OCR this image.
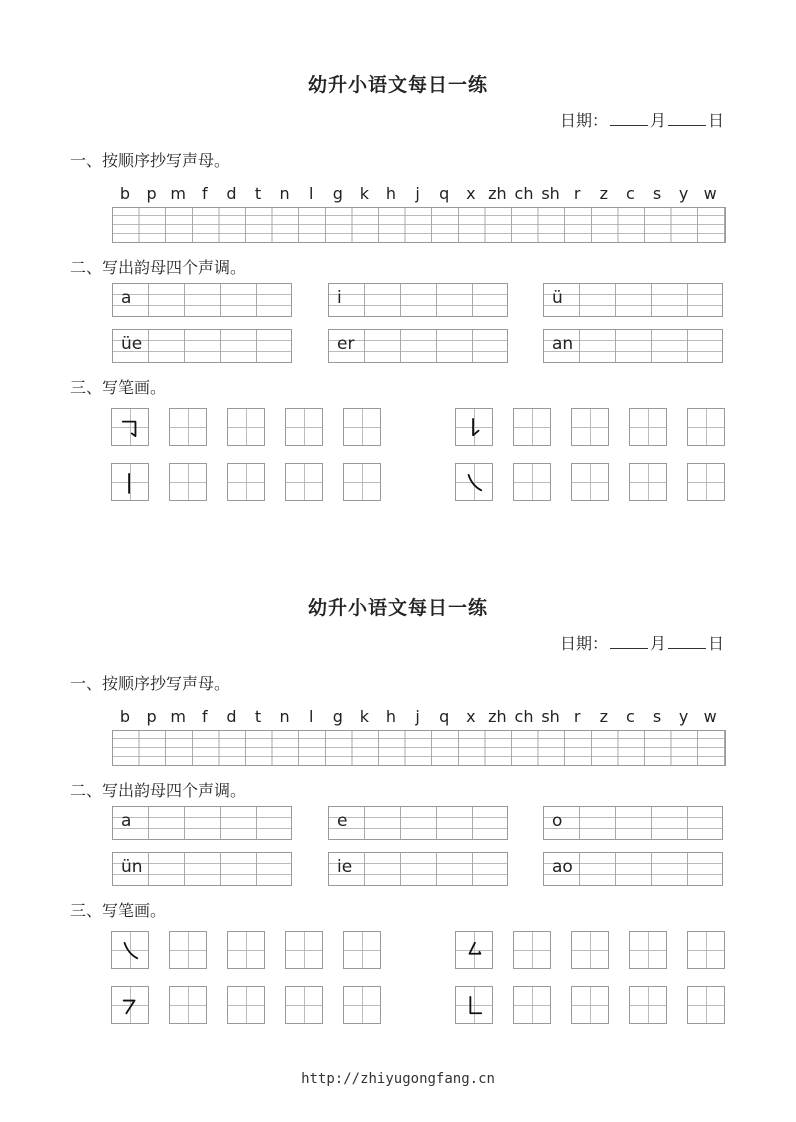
幼升小语文每日一练
日期：	月	日
一、按顺序抄写声母。
b	p m f	d	t	n	l	g	k	h	j	q	x zh ch sh r	z	c	s	y w
二、写出韵母四个声调。
a	i	ü
üe	er	an
三、写笔画。
幼升小语文每日一练
日期：	月	日
一、按顺序抄写声母。
b	p m f	d	t	n	l	g	k	h	j	q	x zh ch sh r	z	c	s	y w
二、写出韵母四个声调。
a	e	o
ün	ie	ao
三、写笔画。
http://zhiyugongfang.cn
